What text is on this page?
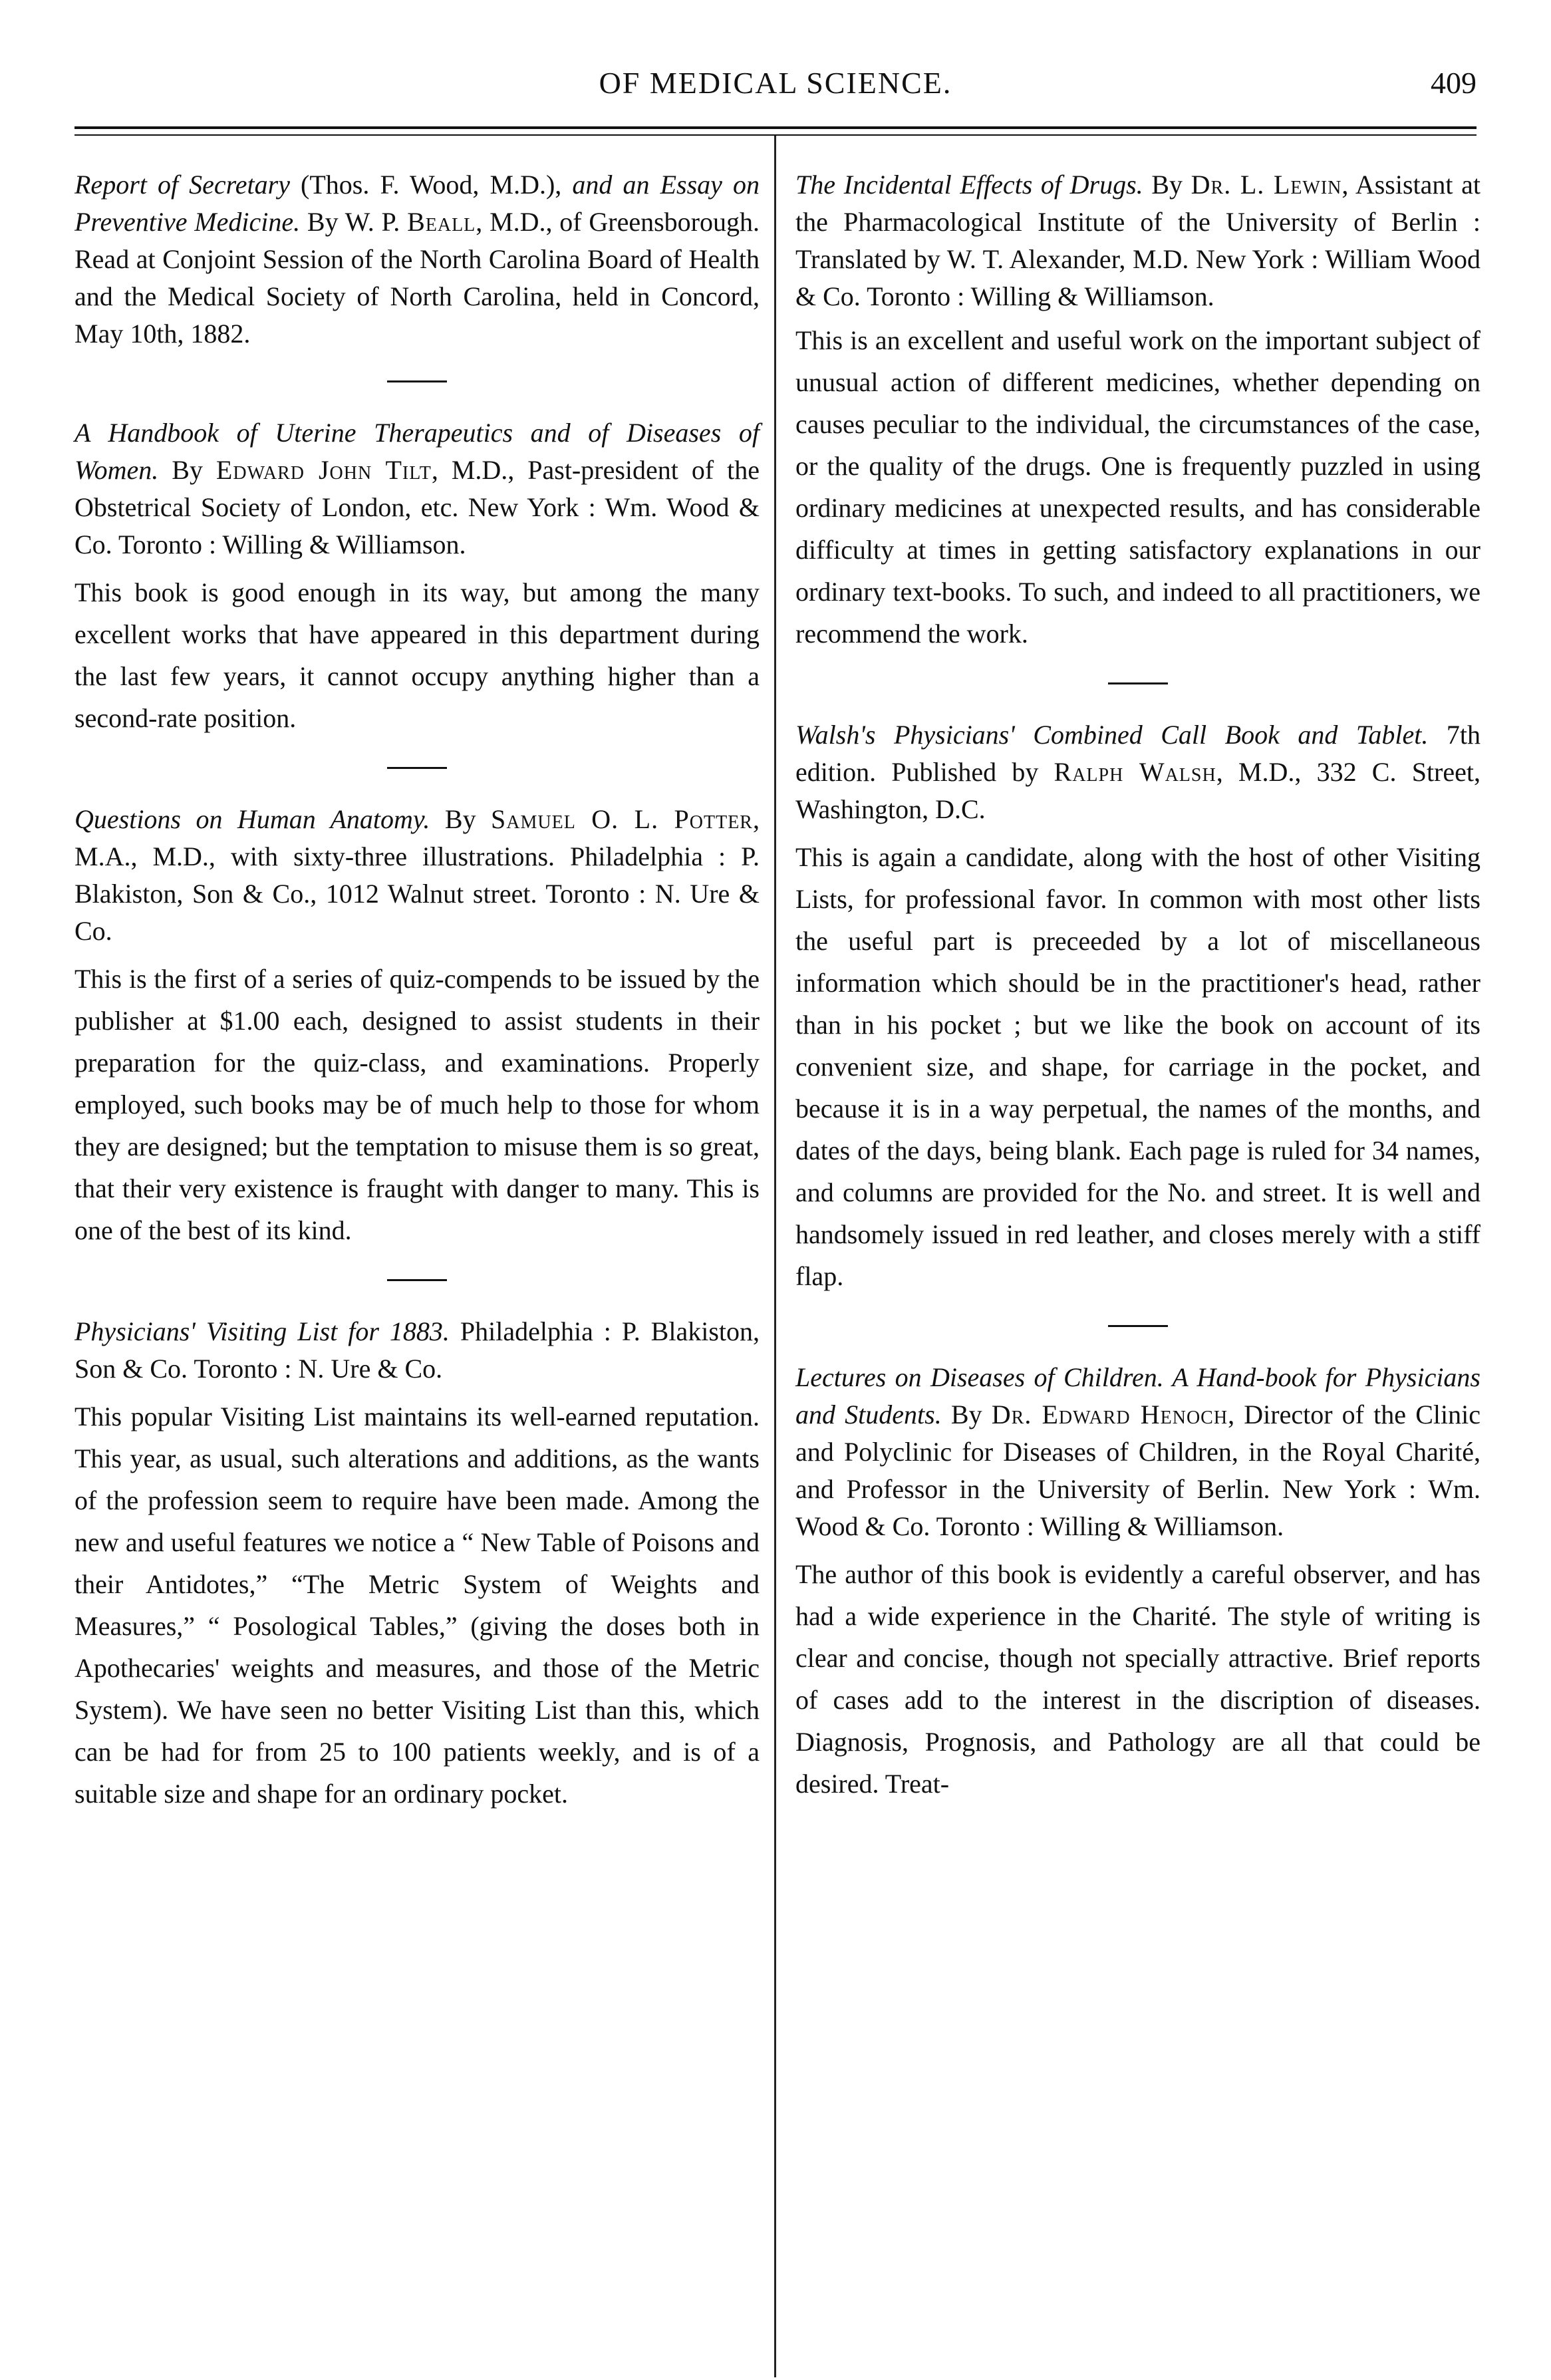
OF MEDICAL SCIENCE.	409

Report of Secretary (Thos. F. Wood, M.D.), and an Essay on Preventive Medicine. By W. P. Beall, M.D., of Greensborough. Read at Conjoint Session of the North Carolina Board of Health and the Medical Society of North Carolina, held in Concord, May 10th, 1882.

A Handbook of Uterine Therapeutics and of Diseases of Women. By Edward John Tilt, M.D., Past-president of the Obstetrical Society of London, etc. New York : Wm. Wood & Co. Toronto : Willing & Williamson.

This book is good enough in its way, but among the many excellent works that have appeared in this department during the last few years, it cannot occupy anything higher than a second-rate position.

Questions on Human Anatomy. By Samuel O. L. Potter, M.A., M.D., with sixty-three illustrations. Philadelphia : P. Blakiston, Son & Co., 1012 Walnut street. Toronto : N. Ure & Co.

This is the first of a series of quiz-compends to be issued by the publisher at $1.00 each, designed to assist students in their preparation for the quiz-class, and examinations. Properly employed, such books may be of much help to those for whom they are designed; but the temptation to misuse them is so great, that their very existence is fraught with danger to many. This is one of the best of its kind.

Physicians' Visiting List for 1883. Philadelphia : P. Blakiston, Son & Co. Toronto : N. Ure & Co.

This popular Visiting List maintains its well-earned reputation. This year, as usual, such alterations and additions, as the wants of the profession seem to require have been made. Among the new and useful features we notice a “ New Table of Poisons and their Antidotes,” “The Metric System of Weights and Measures,” “ Posological Tables,” (giving the doses both in Apothecaries' weights and measures, and those of the Metric System). We have seen no better Visiting List than this, which can be had for from 25 to 100 patients weekly, and is of a suitable size and shape for an ordinary pocket.

The Incidental Effects of Drugs. By Dr. L. Lewin, Assistant at the Pharmacological Institute of the University of Berlin : Translated by W. T. Alexander, M.D. New York : William Wood & Co. Toronto : Willing & Williamson.

This is an excellent and useful work on the important subject of unusual action of different medicines, whether depending on causes peculiar to the individual, the circumstances of the case, or the quality of the drugs. One is frequently puzzled in using ordinary medicines at unexpected results, and has considerable difficulty at times in getting satisfactory explanations in our ordinary text-books. To such, and indeed to all practitioners, we recommend the work.

Walsh's Physicians' Combined Call Book and Tablet. 7th edition. Published by Ralph Walsh, M.D., 332 C. Street, Washington, D.C.

This is again a candidate, along with the host of other Visiting Lists, for professional favor. In common with most other lists the useful part is preceeded by a lot of miscellaneous information which should be in the practitioner's head, rather than in his pocket ; but we like the book on account of its convenient size, and shape, for carriage in the pocket, and because it is in a way perpetual, the names of the months, and dates of the days, being blank. Each page is ruled for 34 names, and columns are provided for the No. and street. It is well and handsomely issued in red leather, and closes merely with a stiff flap.

Lectures on Diseases of Children. A Hand-book for Physicians and Students. By Dr. Edward Henoch, Director of the Clinic and Polyclinic for Diseases of Children, in the Royal Charité, and Professor in the University of Berlin. New York : Wm. Wood & Co. Toronto : Willing & Williamson.

The author of this book is evidently a careful observer, and has had a wide experience in the Charité. The style of writing is clear and concise, though not specially attractive. Brief reports of cases add to the interest in the discription of diseases. Diagnosis, Prognosis, and Pathology are all that could be desired. Treat-
